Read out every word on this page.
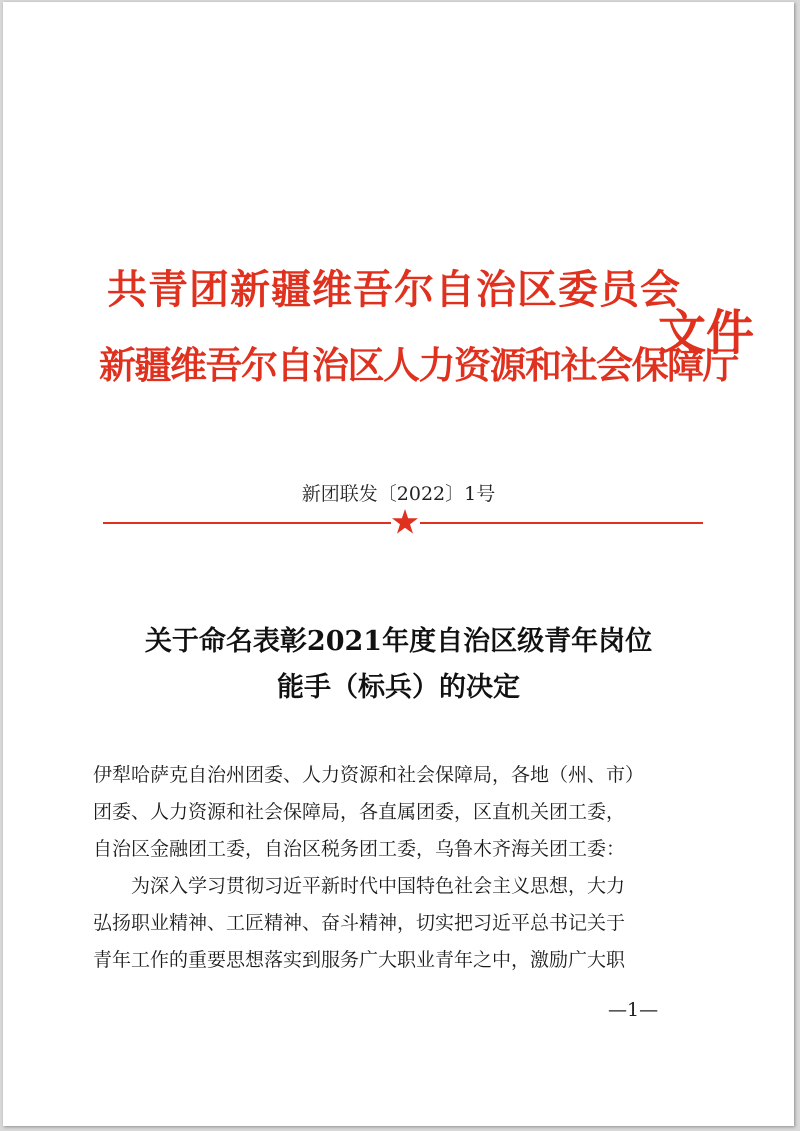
共青团新疆维吾尔自治区委员会
新疆维吾尔自治区人力资源和社会保障厅
文件
新团联发〔2022〕1号
关于命名表彰2021年度自治区级青年岗位
能手（标兵）的决定
伊犁哈萨克自治州团委、人力资源和社会保障局，各地（州、市）
团委、人力资源和社会保障局，各直属团委，区直机关团工委，
自治区金融团工委，自治区税务团工委，乌鲁木齐海关团工委：
为深入学习贯彻习近平新时代中国特色社会主义思想，大力
弘扬职业精神、工匠精神、奋斗精神，切实把习近平总书记关于
青年工作的重要思想落实到服务广大职业青年之中，激励广大职
—1—
